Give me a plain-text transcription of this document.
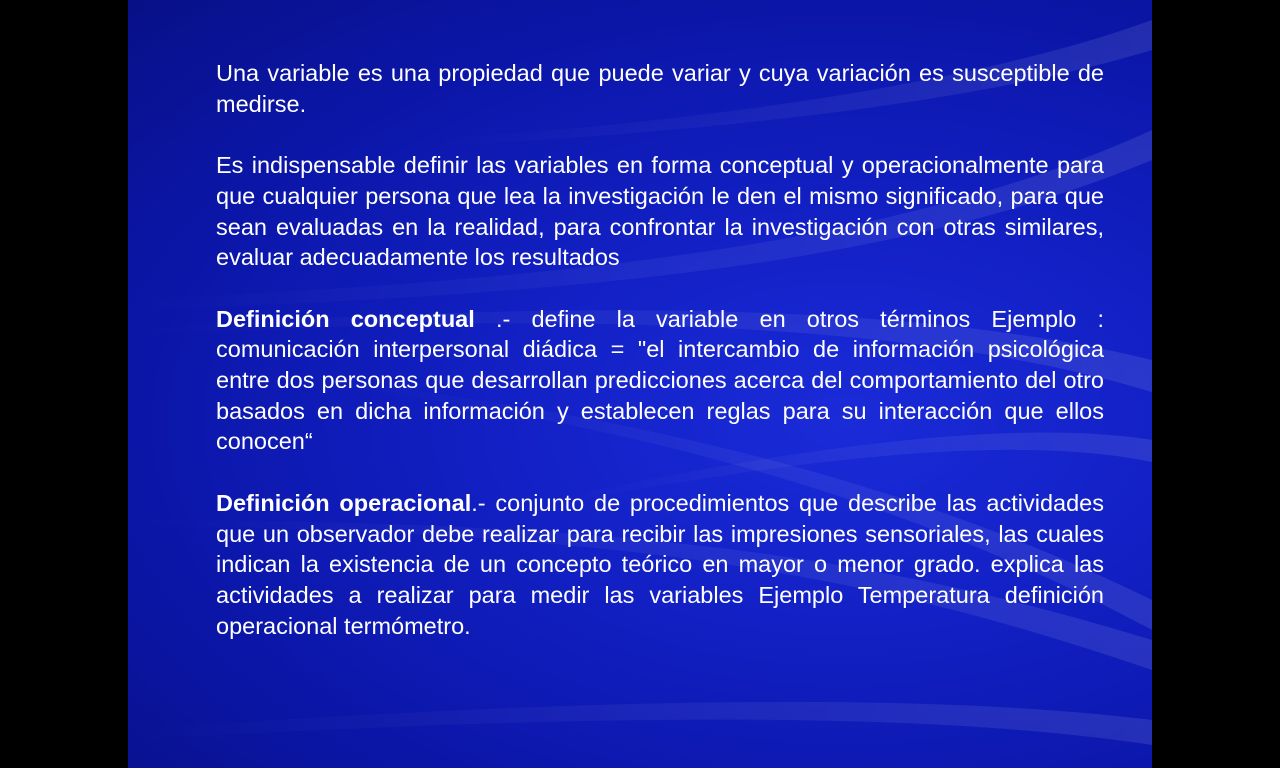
Una variable es una propiedad que puede variar y cuya variación es susceptible de medirse.

Es indispensable definir las variables en forma conceptual y operacionalmente para que cualquier persona que lea la investigación le den el mismo significado, para que sean evaluadas en la realidad, para confrontar la investigación con otras similares, evaluar adecuadamente los resultados

Definición conceptual .- define la variable en otros términos Ejemplo : comunicación interpersonal diádica = "el intercambio de información psicológica entre dos personas que desarrollan predicciones acerca del comportamiento del otro basados en dicha información y establecen reglas para su interacción que ellos conocen“

Definición operacional.- conjunto de procedimientos que describe las actividades que un observador debe realizar para recibir las impresiones sensoriales, las cuales indican la existencia de un concepto teórico en mayor o menor grado. explica las actividades a realizar para medir las variables Ejemplo Temperatura definición operacional termómetro.
